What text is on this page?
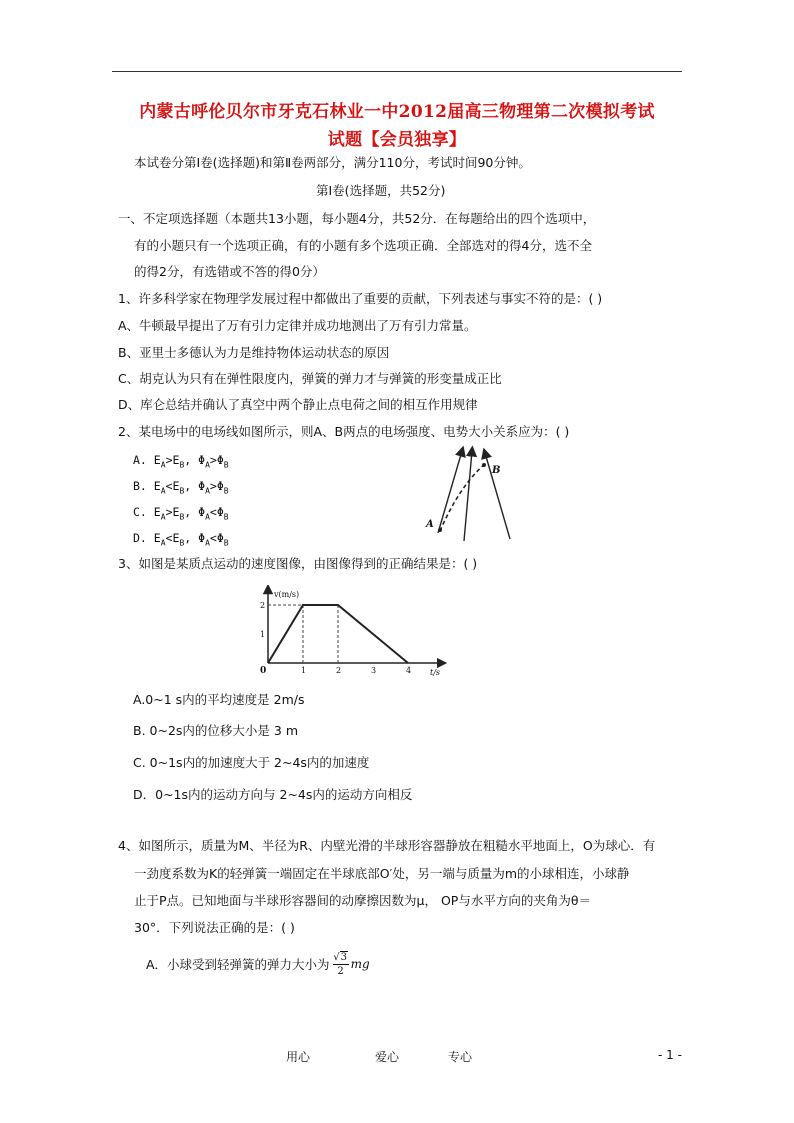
内蒙古呼伦贝尔市牙克石林业一中2012届高三物理第二次模拟考试
试题【会员独享】
本试卷分第Ⅰ卷(选择题)和第Ⅱ卷两部分，满分110分，考试时间90分钟。
第Ⅰ卷(选择题，共52分)
一、不定项选择题（本题共13小题，每小题4分，共52分．在每题给出的四个选项中，
有的小题只有一个选项正确，有的小题有多个选项正确．全部选对的得4分，选不全
的得2分，有选错或不答的得0分）
1、许多科学家在物理学发展过程中都做出了重要的贡献，下列表述与事实不符的是：( )
A、牛顿最早提出了万有引力定律并成功地测出了万有引力常量。
B、亚里士多德认为力是维持物体运动状态的原因
C、胡克认为只有在弹性限度内，弹簧的弹力才与弹簧的形变量成正比
D、库仑总结并确认了真空中两个静止点电荷之间的相互作用规律
2、某电场中的电场线如图所示，则A、B两点的电场强度、电势大小关系应为：( )
A. $E_A>E_B$, $\Phi_A>\Phi_B$
B. $E_A<E_B$, $\Phi_A>\Phi_B$
C. $E_A>E_B$, $\Phi_A<\Phi_B$
D. $E_A<E_B$, $\Phi_A<\Phi_B$
A
B
3、如图是某质点运动的速度图像，由图像得到的正确结果是：( )
v(m/s)
t/s
0	1	2	3	4
1
2
A.0~1 s内的平均速度是 2m/s
B. 0~2s内的位移大小是 3 m
C. 0~1s内的加速度大于 2~4s内的加速度
D．0~1s内的运动方向与 2~4s内的运动方向相反
4、如图所示，质量为M、半径为R、内壁光滑的半球形容器静放在粗糙水平地面上，O为球心．有
一劲度系数为K的轻弹簧一端固定在半球底部O′处，另一端与质量为m的小球相连，小球静
止于P点。已知地面与半球形容器间的动摩擦因数为μ， OP与水平方向的夹角为θ＝
30°．下列说法正确的是：( )
A．小球受到轻弹簧的弹力大小为 √ 3
2
mg
用心	爱心	专心	- 1 -
